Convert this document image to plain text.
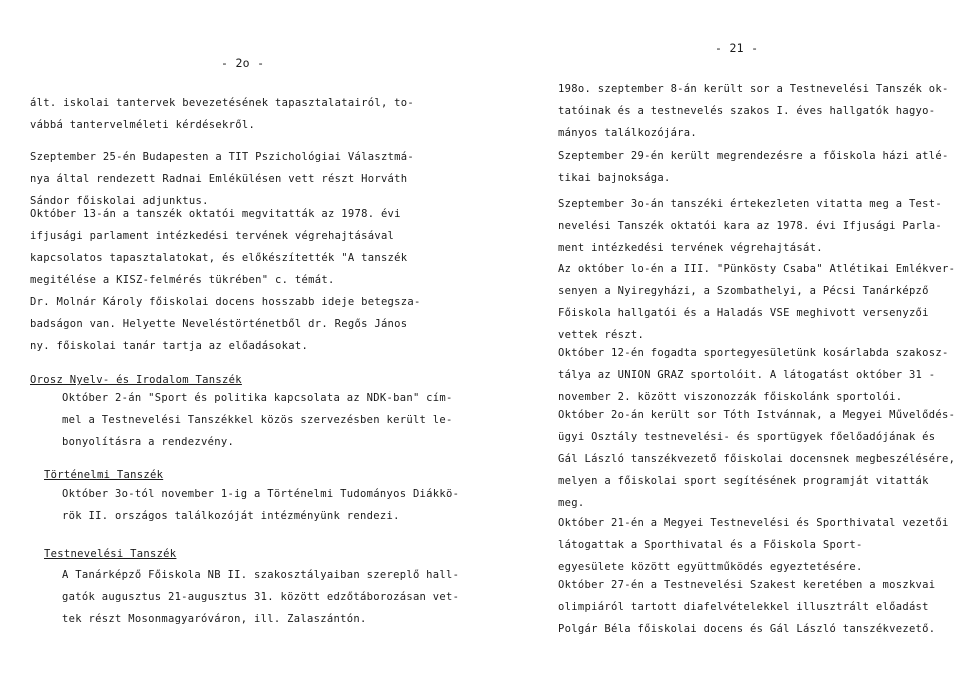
- 2o -

ált. iskolai tantervek bevezetésének tapasztalatairól, to-
vábbá tantervelméleti kérdésekről.

Szeptember 25-én Budapesten a TIT Pszichológiai Választmá-
nya által rendezett Radnai Emlékülésen vett részt Horváth
Sándor főiskolai adjunktus.

Október 13-án a tanszék oktatói megvitatták az 1978. évi
ifjusági parlament intézkedési tervének végrehajtásával
kapcsolatos tapasztalatokat, és előkészítették "A tanszék
megitélése a KISZ-felmérés tükrében" c. témát.

Dr. Molnár Károly főiskolai docens hosszabb ideje betegsza-
badságon van. Helyette Neveléstörténetből dr. Regős János
ny. főiskolai tanár tartja az előadásokat.

Orosz Nyelv- és Irodalom Tanszék

Október 2-án "Sport és politika kapcsolata az NDK-ban" cím-
mel a Testnevelési Tanszékkel közös szervezésben került le-
bonyolításra a rendezvény.

Történelmi Tanszék

Október 3o-tól november 1-ig a Történelmi Tudományos Diákkö-
rök II. országos találkozóját intézményünk rendezi.

Testnevelési Tanszék

A Tanárképző Főiskola NB II. szakosztályaiban szereplő hall-
gatók augusztus 21-augusztus 31. között edzőtáborozásan vet-
tek részt Mosonmagyaróváron, ill. Zalaszántón.

- 21 -

198o. szeptember 8-án került sor a Testnevelési Tanszék ok-
tatóinak és a testnevelés szakos I. éves hallgatók hagyo-
mányos találkozójára.

Szeptember 29-én került megrendezésre a főiskola házi atlé-
tikai bajnoksága.

Szeptember 3o-án tanszéki értekezleten vitatta meg a Test-
nevelési Tanszék oktatói kara az 1978. évi Ifjusági Parla-
ment intézkedési tervének végrehajtását.

Az október lo-én a III. "Pünkösty Csaba" Atlétikai Emlékver-
senyen a Nyiregyházi, a Szombathelyi, a Pécsi Tanárképző
Főiskola hallgatói és a Haladás VSE meghivott versenyzői
vettek részt.

Október 12-én fogadta sportegyesületünk kosárlabda szakosz-
tálya az UNION GRAZ sportolóit. A látogatást október 31 -
november 2. között viszonozzák főiskolánk sportolói.

Október 2o-án került sor Tóth Istvánnak, a Megyei Művelődés-
ügyi Osztály testnevelési- és sportügyek főelőadójának és
Gál László tanszékvezető főiskolai docensnek megbeszélésére,
melyen a főiskolai sport segítésének programját vitatták
meg.

Október 21-én a Megyei Testnevelési és Sporthivatal vezetői
látogattak a Sporthivatal és a Főiskola Sport-
egyesülete között együttműködés egyeztetésére.

Október 27-én a Testnevelési Szakest keretében a moszkvai
olimpiáról tartott diafelvételekkel illusztrált előadást
Polgár Béla főiskolai docens és Gál László tanszékvezető.
